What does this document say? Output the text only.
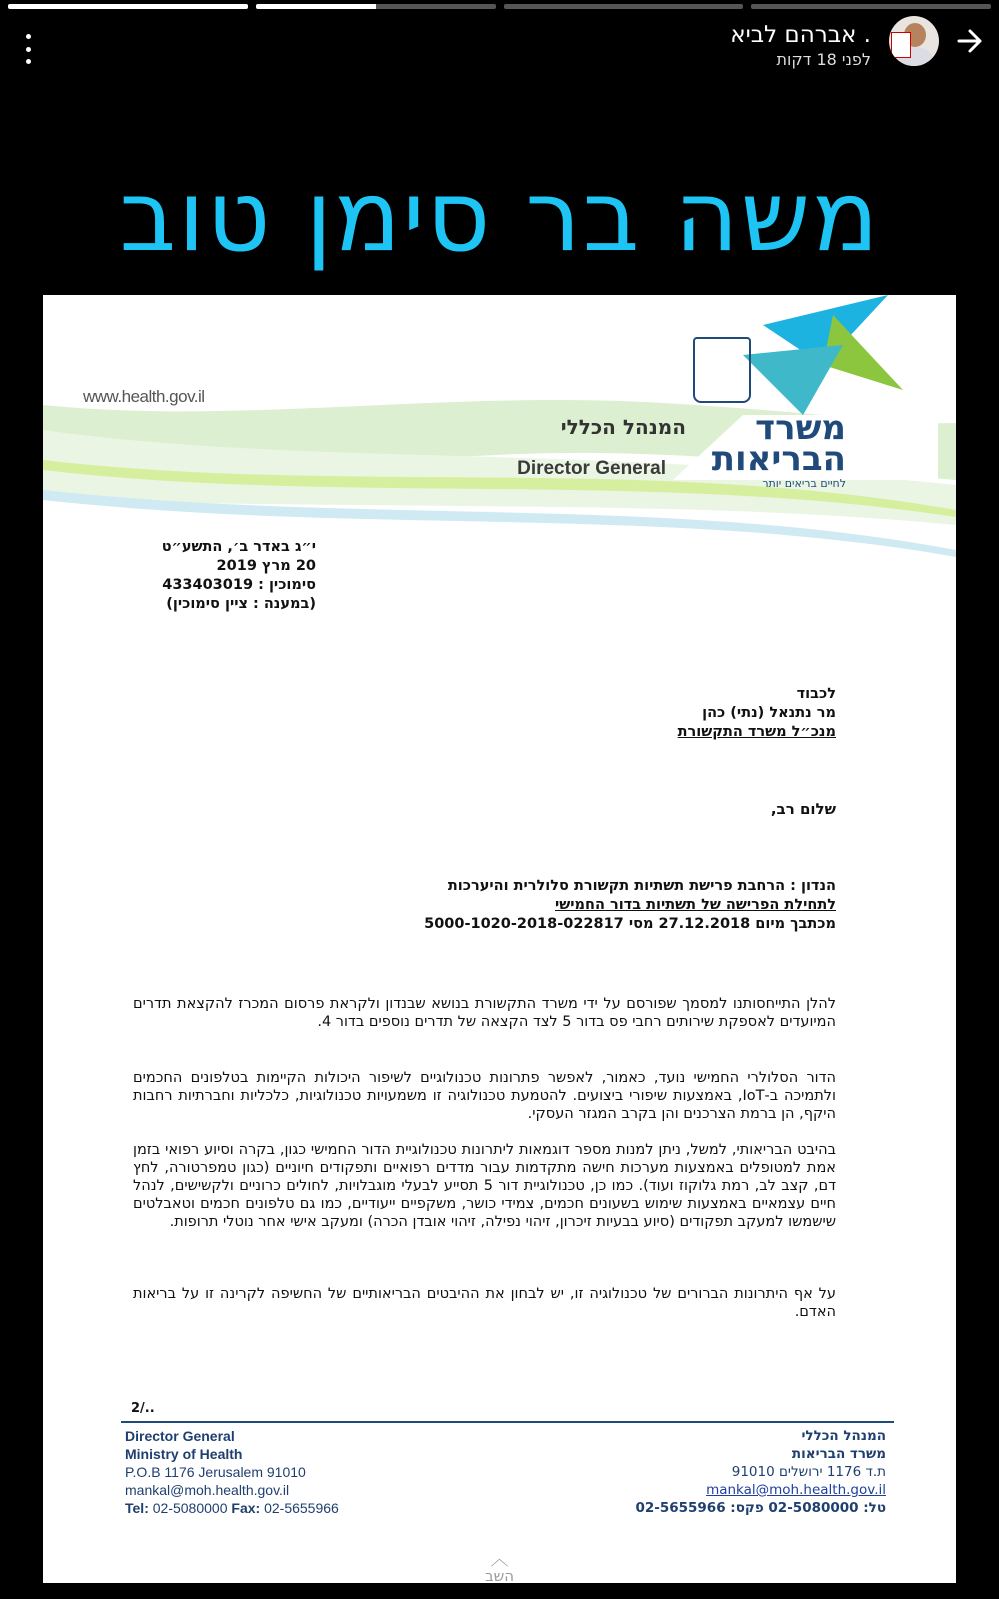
. אברהם לביא
לפני 18 דקות
משה בר סימן טוב
www.health.gov.il
המנהל הכללי
Director General
משרד
הבריאות
לחיים בריאים יותר
י״ג באדר ב׳, התשע״ט
20 מרץ 2019
סימוכין : 433403019
(במענה : ציין סימוכין)
לכבוד
מר נתנאל (נתי) כהן
מנכ״ל משרד התקשורת
שלום רב,
הנדון : הרחבת פרישת תשתיות תקשורת סלולרית והיערכות
לתחילת הפרישה של תשתיות בדור החמישי
מכתבך מיום 27.12.2018 מסי 5000-1020-2018-022817
להלן התייחסותנו למסמך שפורסם על ידי משרד התקשורת בנושא שבנדון ולקראת פרסום המכרז להקצאת תדרים המיועדים לאספקת שירותים רחבי פס בדור 5 לצד הקצאה של תדרים נוספים בדור 4.
הדור הסלולרי החמישי נועד, כאמור, לאפשר פתרונות טכנולוגיים לשיפור היכולות הקיימות בטלפונים החכמים ולתמיכה ב-IoT, באמצעות שיפורי ביצועים. להטמעת טכנולוגיה זו משמעויות טכנולוגיות, כלכליות וחברתיות רחבות היקף, הן ברמת הצרכנים והן בקרב המגזר העסקי.
בהיבט הבריאותי, למשל, ניתן למנות מספר דוגמאות ליתרונות טכנולוגיית הדור החמישי כגון, בקרה וסיוע רפואי בזמן אמת למטופלים באמצעות מערכות חישה מתקדמות עבור מדדים רפואיים ותפקודים חיוניים (כגון טמפרטורה, לחץ דם, קצב לב, רמת גלוקוז ועוד). כמו כן, טכנולוגיית דור 5 תסייע לבעלי מוגבלויות, לחולים כרוניים ולקשישים, לנהל חיים עצמאיים באמצעות שימוש בשעונים חכמים, צמידי כושר, משקפיים ייעודיים, כמו גם טלפונים חכמים וטאבלטים שישמשו למעקב תפקודים (סיוע בבעיות זיכרון, זיהוי נפילה, זיהוי אובדן הכרה) ומעקב אישי אחר נוטלי תרופות.
על אף היתרונות הברורים של טכנולוגיה זו, יש לבחון את ההיבטים הבריאותיים של החשיפה לקרינה זו על בריאות האדם.
2/..
Director General
Ministry of Health
P.O.B 1176 Jerusalem 91010
mankal@moh.health.gov.il
Tel: 02-5080000 Fax: 02-5655966
המנהל הכללי
משרד הבריאות
ת.ד 1176 ירושלים 91010
mankal@moh.health.gov.il
טל: 02-5080000 פקס: 02-5655966
︿
השב
